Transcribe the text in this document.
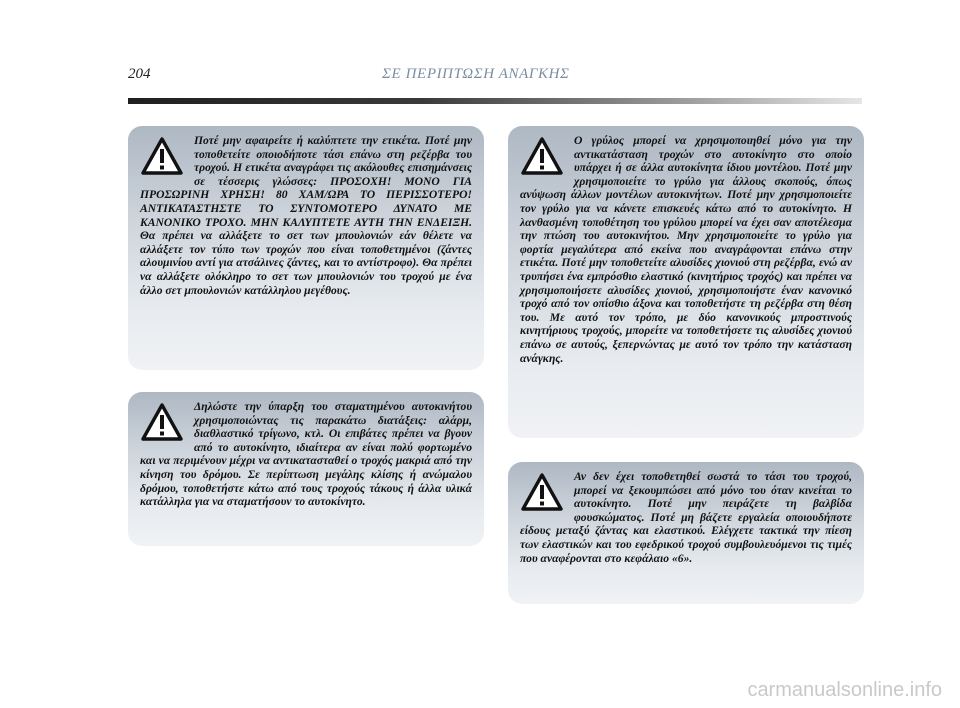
204	ΣΕ ΠΕΡΙΠΤΩΣΗ ΑΝΑΓΚΗΣ

Ποτέ μην αφαιρείτε ή καλύπτετε την ετικέτα. Ποτέ μην τοποθετείτε οποιοδήποτε τάσι επάνω στη ρεζέρβα του τροχού. Η ετικέτα αναγράφει τις ακόλουθες επισημάνσεις σε τέσσερις γλώσσες: ΠΡΟΣΟΧΗ! ΜΟΝΟ ΓΙΑ ΠΡΟΣΩΡΙΝΗ ΧΡΗΣΗ! 80 ΧΑΜ/ΩΡΑ ΤΟ ΠΕΡΙΣΣΟΤΕΡΟ! ΑΝΤΙΚΑΤΑΣΤΗΣΤΕ ΤΟ ΣΥΝΤΟΜΟΤΕΡΟ ΔΥΝΑΤΟ ΜΕ ΚΑΝΟΝΙΚΟ ΤΡΟΧΟ. ΜΗΝ ΚΑΛΥΠΤΕΤΕ ΑΥΤΗ ΤΗΝ ΕΝΔΕΙΞΗ. Θα πρέπει να αλλάξετε το σετ των μπουλονιών εάν θέλετε να αλλάξετε τον τύπο των τροχών που είναι τοποθετημένοι (ζάντες αλουμινίου αντί για ατσάλινες ζάντες, και το αντίστροφο). Θα πρέπει να αλλάξετε ολόκληρο το σετ των μπουλονιών του τροχού με ένα άλλο σετ μπουλονιών κατάλληλου μεγέθους.

Δηλώστε την ύπαρξη του σταματημένου αυτοκινήτου χρησιμοποιώντας τις παρακάτω διατάξεις: αλάρμ, διαθλαστικό τρίγωνο, κτλ. Οι επιβάτες πρέπει να βγουν από το αυτοκίνητο, ιδιαίτερα αν είναι πολύ φορτωμένο και να περιμένουν μέχρι να αντικατασταθεί ο τροχός μακριά από την κίνηση του δρόμου. Σε περίπτωση μεγάλης κλίσης ή ανώμαλου δρόμου, τοποθετήστε κάτω από τους τροχούς τάκους ή άλλα υλικά κατάλληλα για να σταματήσουν το αυτοκίνητο.

Ο γρύλος μπορεί να χρησιμοποιηθεί μόνο για την αντικατάσταση τροχών στο αυτοκίνητο στο οποίο υπάρχει ή σε άλλα αυτοκίνητα ίδιου μοντέλου. Ποτέ μην χρησιμοποιείτε το γρύλο για άλλους σκοπούς, όπως ανύψωση άλλων μοντέλων αυτοκινήτων. Ποτέ μην χρησιμοποιείτε τον γρύλο για να κάνετε επισκευές κάτω από το αυτοκίνητο. Η λανθασμένη τοποθέτηση του γρύλου μπορεί να έχει σαν αποτέλεσμα την πτώση του αυτοκινήτου. Μην χρησιμοποιείτε το γρύλο για φορτία μεγαλύτερα από εκείνα που αναγράφονται επάνω στην ετικέτα. Ποτέ μην τοποθετείτε αλυσίδες χιονιού στη ρεζέρβα, ενώ αν τρυπήσει ένα εμπρόσθιο ελαστικό (κινητήριος τροχός) και πρέπει να χρησιμοποιήσετε αλυσίδες χιονιού, χρησιμοποιήστε έναν κανονικό τροχό από τον οπίσθιο άξονα και τοποθετήστε τη ρεζέρβα στη θέση του. Με αυτό τον τρόπο, με δύο κανονικούς μπροστινούς κινητήριους τροχούς, μπορείτε να τοποθετήσετε τις αλυσίδες χιονιού επάνω σε αυτούς, ξεπερνώντας με αυτό τον τρόπο την κατάσταση ανάγκης.

Αν δεν έχει τοποθετηθεί σωστά το τάσι του τροχού, μπορεί να ξεκουμπώσει από μόνο του όταν κινείται το αυτοκίνητο. Ποτέ μην πειράζετε τη βαλβίδα φουσκώματος. Ποτέ μη βάζετε εργαλεία οποιουδήποτε είδους μεταξύ ζάντας και ελαστικού. Ελέγχετε τακτικά την πίεση των ελαστικών και του εφεδρικού τροχού συμβουλευόμενοι τις τιμές που αναφέρονται στο κεφάλαιο «6».

carmanualsonline.info
